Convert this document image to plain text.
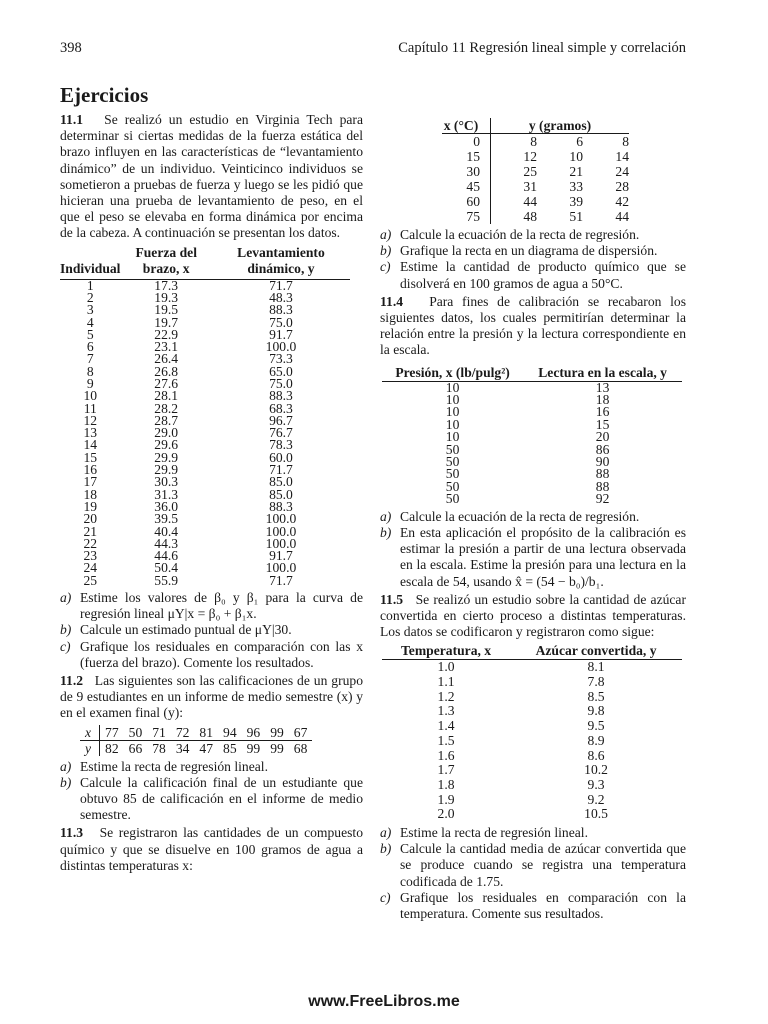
398	Capítulo 11 Regresión lineal simple y correlación
Ejercicios

11.1 Se realizó un estudio en Virginia Tech para determinar si ciertas medidas de la fuerza estática del brazo influyen en las características de “levantamiento dinámico” de un individuo. Veinticinco individuos se sometieron a pruebas de fuerza y luego se les pidió que hicieran una prueba de levantamiento de peso, en el que el peso se elevaba en forma dinámica por encima de la cabeza. A continuación se presentan los datos.

Individual	Fuerza del brazo, x	Levantamiento dinámico, y
1	17.3	71.7
2	19.3	48.3
3	19.5	88.3
4	19.7	75.0
5	22.9	91.7
6	23.1	100.0
7	26.4	73.3
8	26.8	65.0
9	27.6	75.0
10	28.1	88.3
11	28.2	68.3
12	28.7	96.7
13	29.0	76.7
14	29.6	78.3
15	29.9	60.0
16	29.9	71.7
17	30.3	85.0
18	31.3	85.0
19	36.0	88.3
20	39.5	100.0
21	40.4	100.0
22	44.3	100.0
23	44.6	91.7
24	50.4	100.0
25	55.9	71.7
a) Estime los valores de β₀ y β₁ para la curva de regresión lineal μY|x = β₀ + β₁x.
b) Calcule un estimado puntual de μY|30.
c) Grafique los residuales en comparación con las x (fuerza del brazo). Comente los resultados.

11.2 Las siguientes son las calificaciones de un grupo de 9 estudiantes en un informe de medio semestre (x) y en el examen final (y):

x	77	50	71	72	81	94	96	99	67
y	82	66	78	34	47	85	99	99	68
a) Estime la recta de regresión lineal.
b) Calcule la calificación final de un estudiante que obtuvo 85 de calificación en el informe de medio semestre.

11.3 Se registraron las cantidades de un compuesto químico y que se disuelve en 100 gramos de agua a distintas temperaturas x:

x (°C)	y (gramos)		
0	8	6	8
15	12	10	14
30	25	21	24
45	31	33	28
60	44	39	42
75	48	51	44
a) Calcule la ecuación de la recta de regresión.
b) Grafique la recta en un diagrama de dispersión.
c) Estime la cantidad de producto químico que se disolverá en 100 gramos de agua a 50°C.

11.4 Para fines de calibración se recabaron los siguientes datos, los cuales permitirían determinar la relación entre la presión y la lectura correspondiente en la escala.

Presión, x (lb/pulg²)	Lectura en la escala, y
10	13
10	18
10	16
10	15
10	20
50	86
50	90
50	88
50	88
50	92
a) Calcule la ecuación de la recta de regresión.
b) En esta aplicación el propósito de la calibración es estimar la presión a partir de una lectura observada en la escala. Estime la presión para una lectura en la escala de 54, usando x̂ = (54 − b₀)/b₁.

11.5 Se realizó un estudio sobre la cantidad de azúcar convertida en cierto proceso a distintas temperaturas. Los datos se codificaron y registraron como sigue:

Temperatura, x	Azúcar convertida, y
1.0	8.1
1.1	7.8
1.2	8.5
1.3	9.8
1.4	9.5
1.5	8.9
1.6	8.6
1.7	10.2
1.8	9.3
1.9	9.2
2.0	10.5
a) Estime la recta de regresión lineal.
b) Calcule la cantidad media de azúcar convertida que se produce cuando se registra una temperatura codificada de 1.75.
c) Grafique los residuales en comparación con la temperatura. Comente sus resultados.
www.FreeLibros.me
